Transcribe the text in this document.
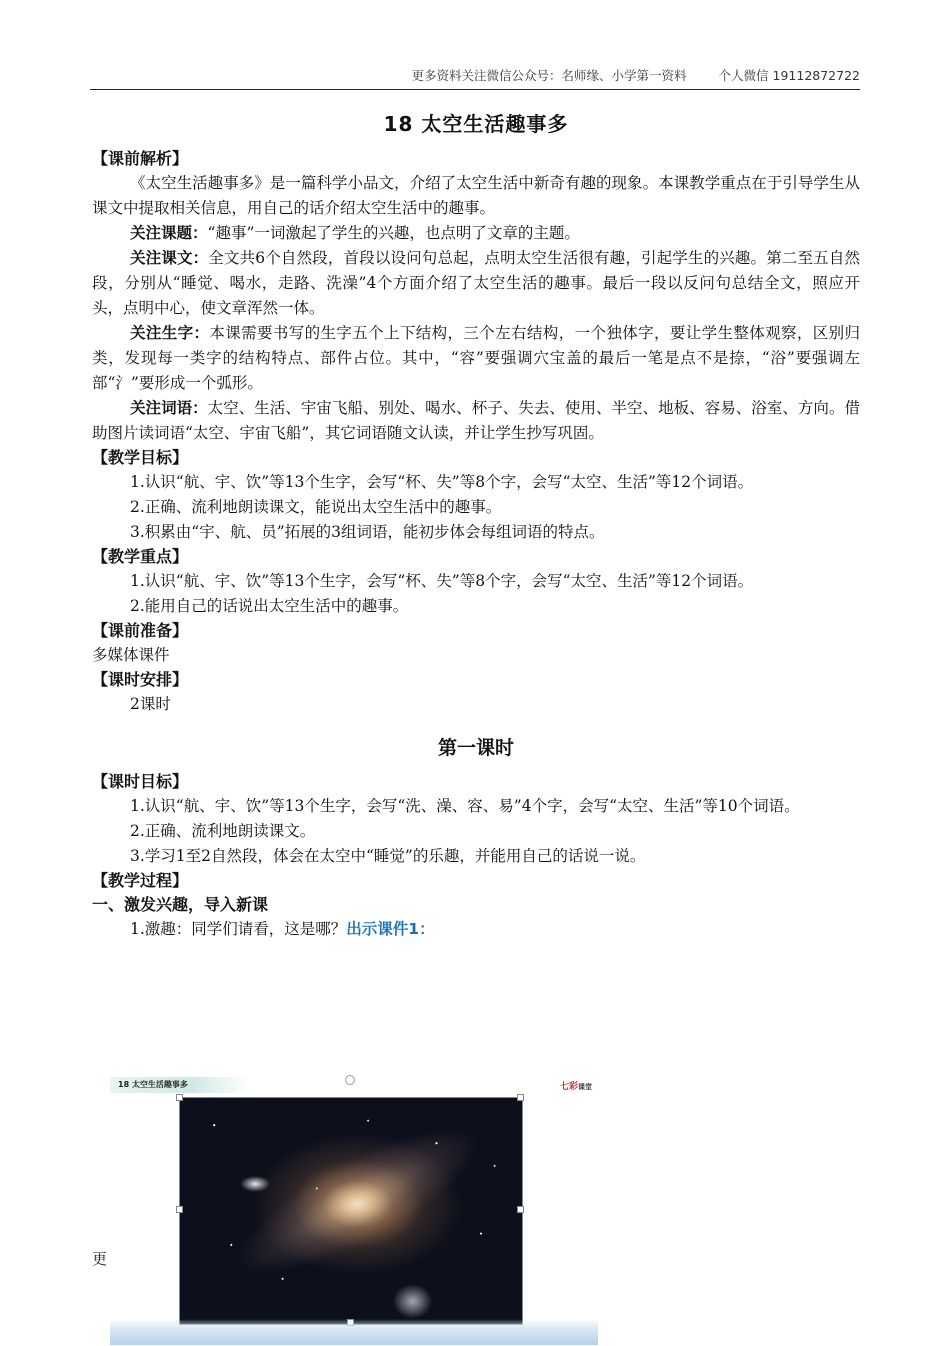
更多资料关注微信公众号：名师缘、小学第一资料	个人微信 19112872722
18 太空生活趣事多
【课前解析】

《太空生活趣事多》是一篇科学小品文，介绍了太空生活中新奇有趣的现象。本课教学重点在于引导学生从课文中提取相关信息，用自己的话介绍太空生活中的趣事。

关注课题：“趣事”一词激起了学生的兴趣，也点明了文章的主题。

关注课文：全文共6个自然段，首段以设问句总起，点明太空生活很有趣，引起学生的兴趣。第二至五自然段，分别从“睡觉、喝水，走路、洗澡”4个方面介绍了太空生活的趣事。最后一段以反问句总结全文，照应开头，点明中心，使文章浑然一体。

关注生字：本课需要书写的生字五个上下结构，三个左右结构，一个独体字，要让学生整体观察，区别归类，发现每一类字的结构特点、部件占位。其中，“容”要强调穴宝盖的最后一笔是点不是捺，“浴”要强调左部“氵”要形成一个弧形。

关注词语：太空、生活、宇宙飞船、别处、喝水、杯子、失去、使用、半空、地板、容易、浴室、方向。借助图片读词语“太空、宇宙飞船”，其它词语随文认读，并让学生抄写巩固。

【教学目标】

1.认识“航、宇、饮”等13个生字，会写“杯、失”等8个字，会写“太空、生活”等12个词语。

2.正确、流利地朗读课文，能说出太空生活中的趣事。

3.积累由“宇、航、员”拓展的3组词语，能初步体会每组词语的特点。

【教学重点】

1.认识“航、宇、饮”等13个生字，会写“杯、失”等8个字，会写“太空、生活”等12个词语。

2.能用自己的话说出太空生活中的趣事。

【课前准备】

多媒体课件

【课时安排】

2课时

第一课时
【课时目标】

1.认识“航、宇、饮”等13个生字，会写“洗、澡、容、易”4个字，会写“太空、生活”等10个词语。

2.正确、流利地朗读课文。

3.学习1至2自然段，体会在太空中“睡觉”的乐趣，并能用自己的话说一说。

【教学过程】
一、激发兴趣，导入新课

1.激趣：同学们请看，这是哪？出示课件1：

18 太空生活趣事多	七彩课堂
更
